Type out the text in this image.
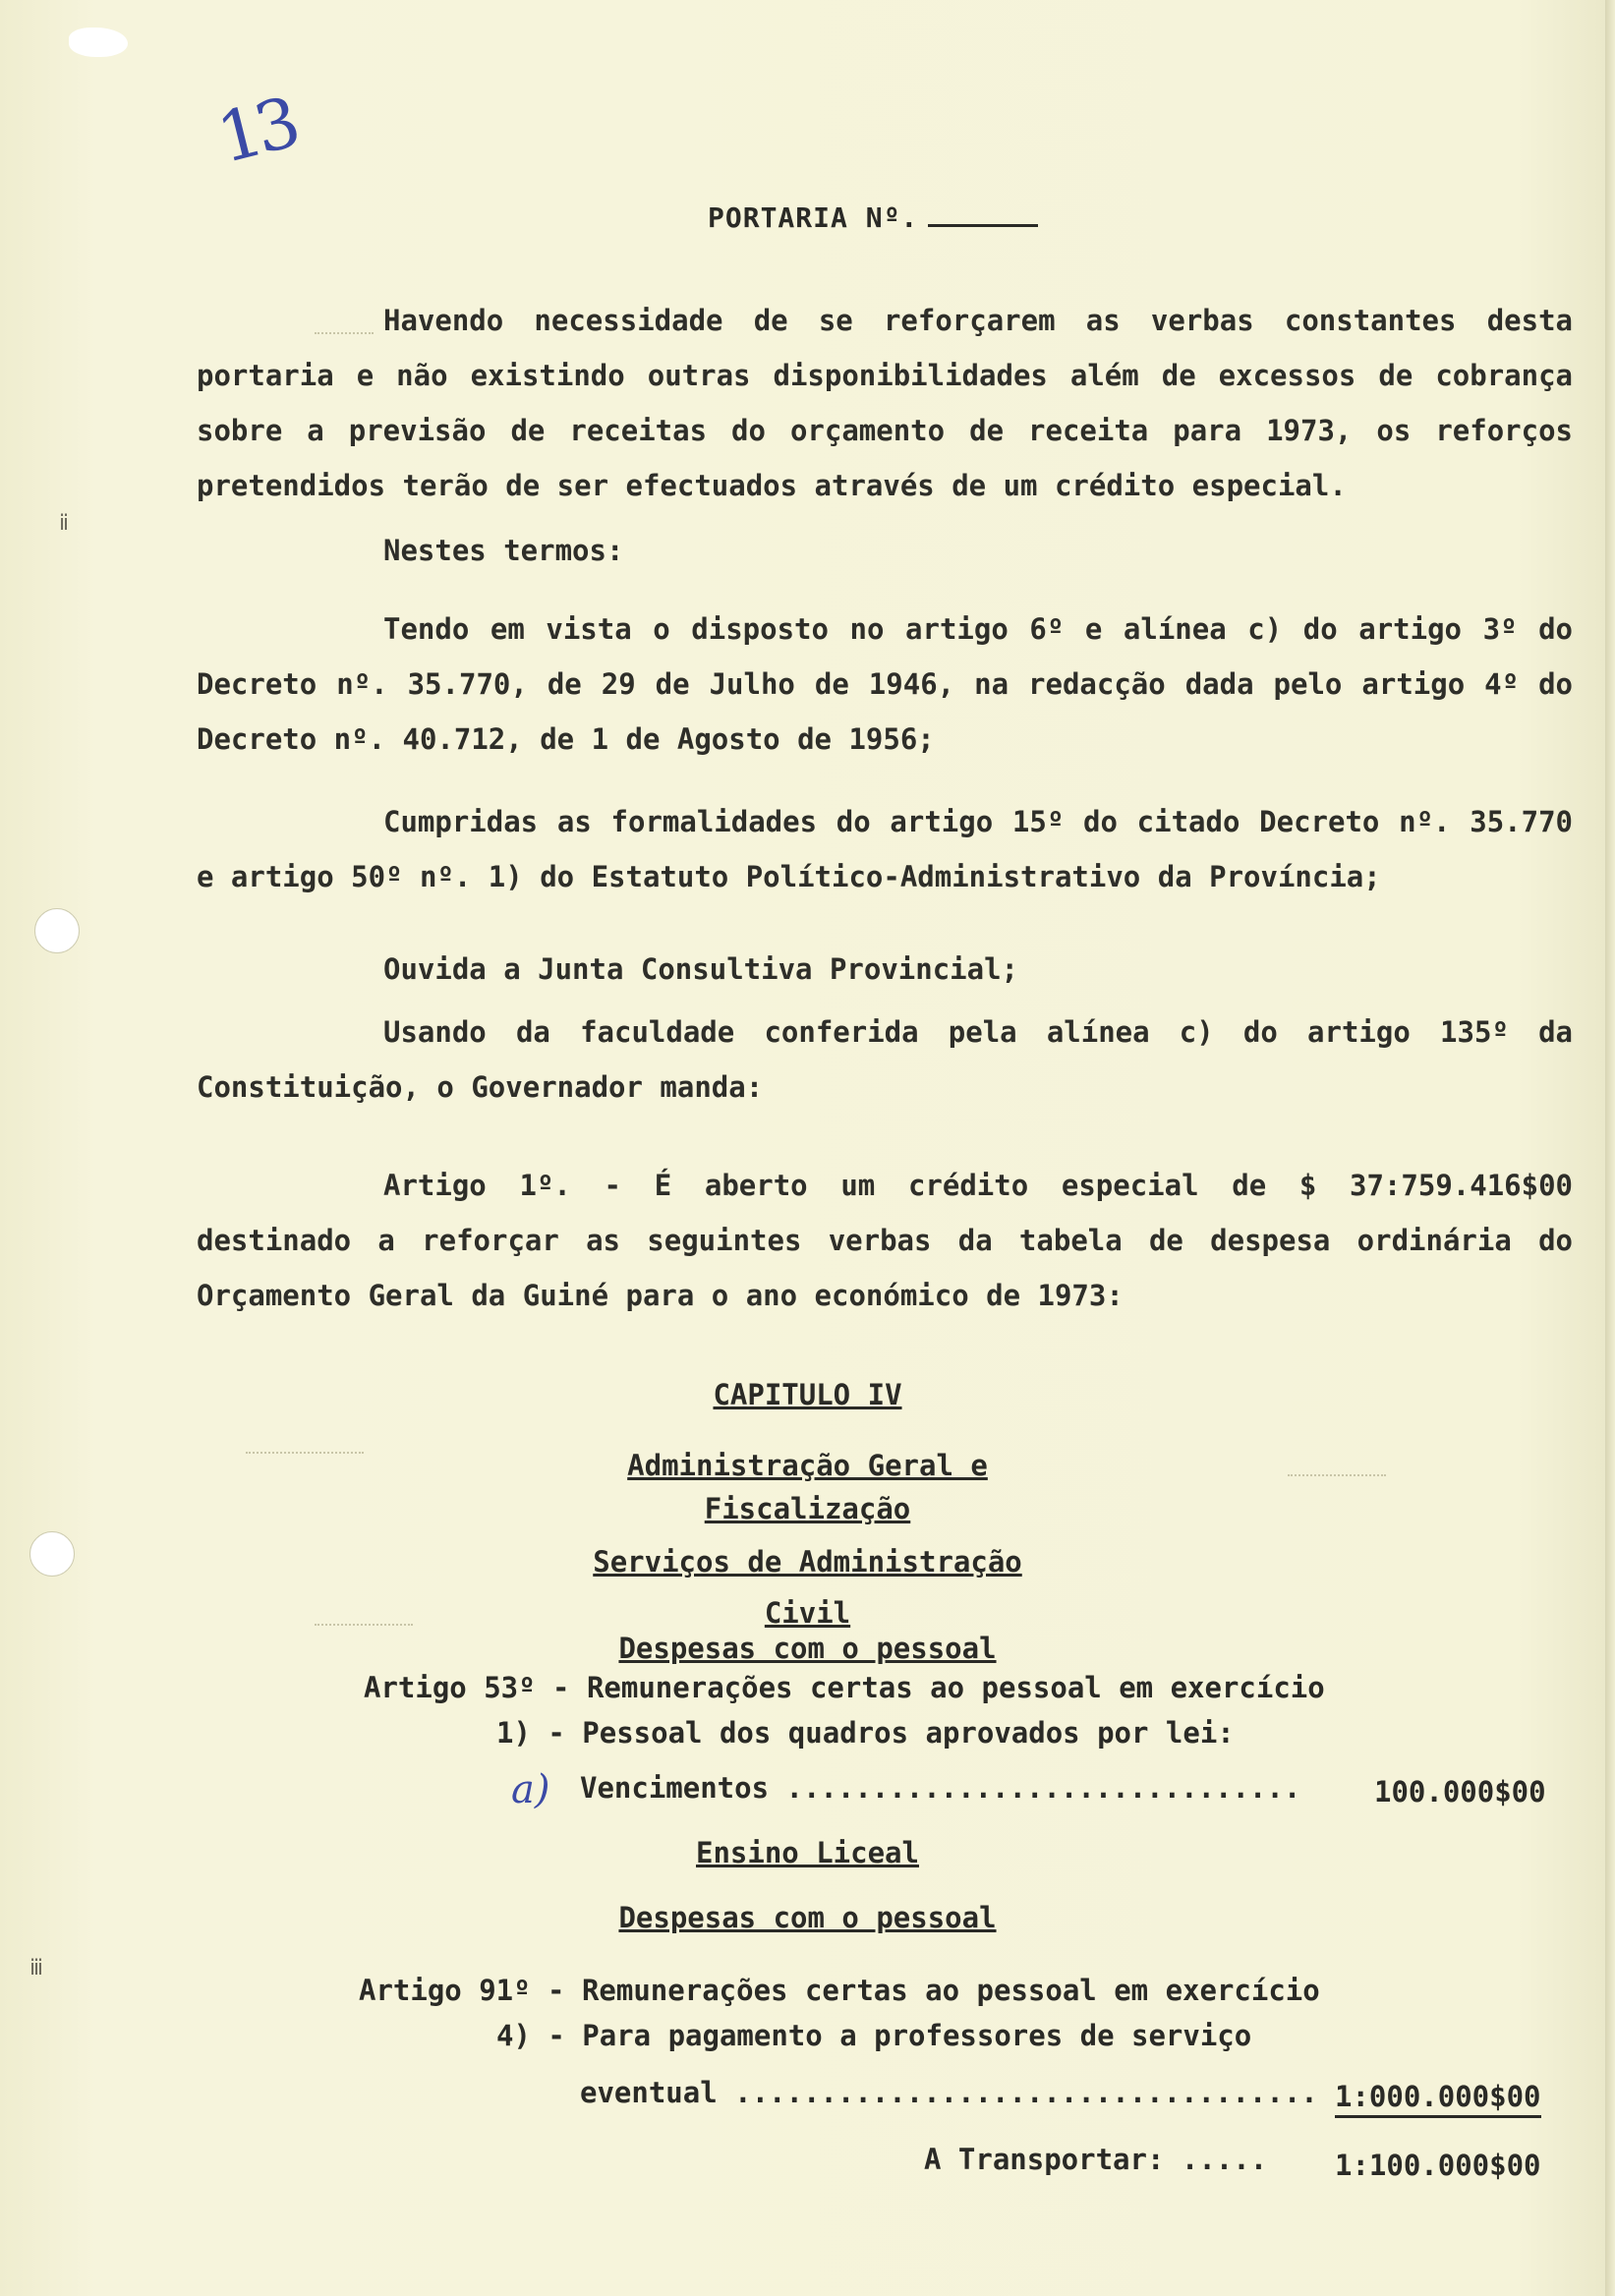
ⅱ
ⅲ
13
PORTARIA Nº.
Havendo necessidade de se reforçarem as verbas constantes desta portaria e não existindo outras disponibilidades além de excessos de cobrança sobre a previsão de receitas do orçamento de receita para 1973, os reforços pretendidos terão de ser efectuados através de um crédito especial.
Nestes termos:
Tendo em vista o disposto no artigo 6º e alínea c) do artigo 3º do Decreto nº. 35.770, de 29 de Julho de 1946, na redacção dada pelo artigo 4º do Decreto nº. 40.712, de 1 de Agosto de 1956;
Cumpridas as formalidades do artigo 15º do citado Decreto nº. 35.770 e artigo 50º nº. 1) do Estatuto Político-Administrativo da Província;
Ouvida a Junta Consultiva Provincial;
Usando da faculdade conferida pela alínea c) do artigo 135º da Constituição, o Governador manda:
Artigo 1º. - É aberto um crédito especial de $ 37:759.416$00 destinado a reforçar as seguintes verbas da tabela de despesa ordinária do Orçamento Geral da Guiné para o ano económico de 1973:
CAPITULO IV
Administração Geral e
Fiscalização
Serviços de Administração
Civil
Despesas com o pessoal
Artigo 53º - Remunerações certas ao pessoal em exercício
1) - Pessoal dos quadros aprovados por lei:
a) Vencimentos ..............................	100.000$00
Ensino Liceal
Despesas com o pessoal
Artigo 91º - Remunerações certas ao pessoal em exercício
4) - Para pagamento a professores de serviço
eventual .................................. 1:000.000$00
A Transportar: ..... 1:100.000$00
